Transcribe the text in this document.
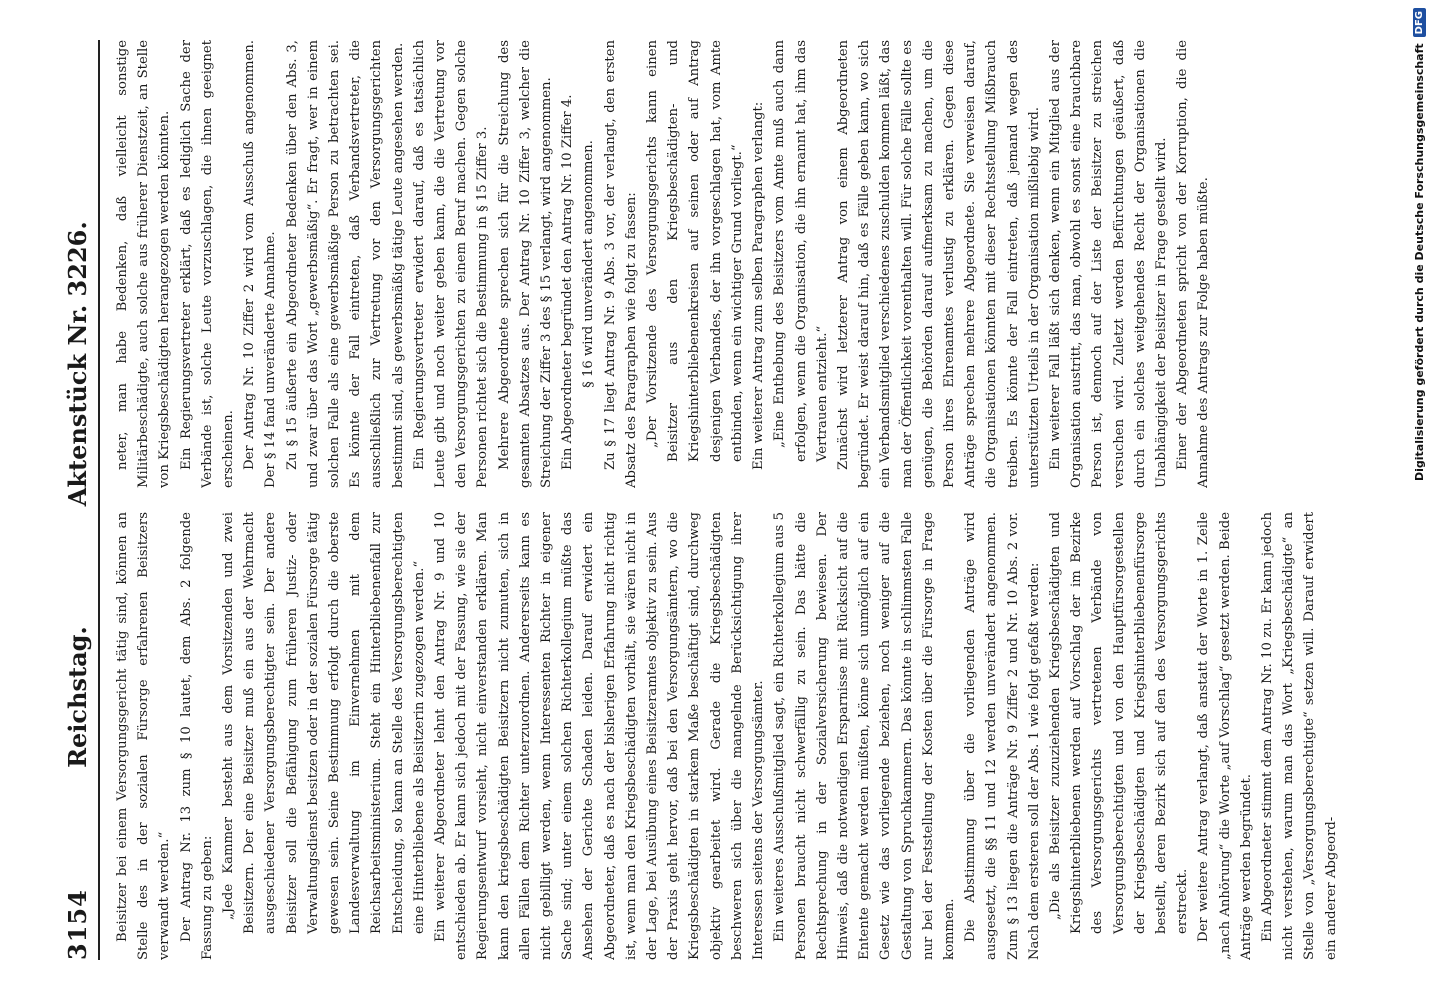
3154
Reichstag.
Aktenstück Nr. 3226.

Beisitzer bei einem Versorgungsgericht tätig sind, können an Stelle des in der sozialen Fürsorge erfahrenen Beisitzers verwandt werden.“ Der Antrag Nr. 13 zum § 10 lautet, dem Abs. 2 folgende Fassung zu geben: „Jede Kammer besteht aus dem Vorsitzenden und zwei Beisitzern. Der eine Beisitzer muß ein aus der Wehrmacht ausgeschiedener Versorgungsberechtigter sein. Der andere Beisitzer soll die Befähigung zum früheren Justiz- oder Verwaltungsdienst besitzen oder in der sozialen Fürsorge tätig gewesen sein. Seine Bestimmung erfolgt durch die oberste Landesverwaltung im Einvernehmen mit dem Reichsarbeitsministerium. Steht ein Hinterbliebenenfall zur Entscheidung, so kann an Stelle des Versorgungsberechtigten eine Hinterbliebene als Beisitzerin zugezogen werden.“ Ein weiterer Abgeordneter lehnt den Antrag Nr. 9 und 10 entschieden ab. Er kann sich jedoch mit der Fassung, wie sie der Regierungsentwurf vorsieht, nicht einverstanden erklären. Man kann den kriegsbeschädigten Beisitzern nicht zumuten, sich in allen Fällen dem Richter unterzuordnen. Andererseits kann es nicht gebilligt werden, wenn Interessenten Richter in eigener Sache sind; unter einem solchen Richterkollegium müßte das Ansehen der Gerichte Schaden leiden. Darauf erwidert ein Abgeordneter, daß es nach der bisherigen Erfahrung nicht richtig ist, wenn man den Kriegsbeschädigten vorhält, sie wären nicht in der Lage, bei Ausübung eines Beisitzeramtes objektiv zu sein. Aus der Praxis geht hervor, daß bei den Versorgungsämtern, wo die Kriegsbeschädigten in starkem Maße beschäftigt sind, durchweg objektiv gearbeitet wird. Gerade die Kriegsbeschädigten beschweren sich über die mangelnde Berücksichtigung ihrer Interessen seitens der Versorgungsämter. Ein weiteres Ausschußmitglied sagt, ein Richterkollegium aus 5 Personen braucht nicht schwerfällig zu sein. Das hätte die Rechtsprechung in der Sozialversicherung bewiesen. Der Hinweis, daß die notwendigen Ersparnisse mit Rücksicht auf die Entente gemacht werden müßten, könne sich unmöglich auf ein Gesetz wie das vorliegende beziehen, noch weniger auf die Gestaltung von Spruchkammern. Das könnte in schlimmsten Falle nur bei der Feststellung der Kosten über die Fürsorge in Frage kommen. Die Abstimmung über die vorliegenden Anträge wird ausgesetzt, die §§ 11 und 12 werden unverändert angenommen. Zum § 13 liegen die Anträge Nr. 9 Ziffer 2 und Nr. 10 Abs. 2 vor. Nach dem ersteren soll der Abs. 1 wie folgt gefaßt werden: „Die als Beisitzer zuzuziehenden Kriegsbeschädigten und Kriegshinterbliebenen werden auf Vorschlag der im Bezirke des Versorgungsgerichts vertretenen Verbände von Versorgungsberechtigten und von den Hauptfürsorgestellen der Kriegsbeschädigten und Kriegshinterbliebenenfürsorge bestellt, deren Bezirk sich auf den des Versorgungsgerichts erstreckt. Der weitere Antrag verlangt, daß anstatt der Worte in 1. Zeile „nach Anhörung“ die Worte „auf Vorschlag“ gesetzt werden. Beide Anträge werden begründet. Ein Abgeordneter stimmt dem Antrag Nr. 10 zu. Er kann jedoch nicht verstehen, warum man das Wort „Kriegsbeschädigte“ an Stelle von „Versorgungsberechtigte“ setzen will. Darauf erwidert ein anderer Abgeord-

neter, man habe Bedenken, daß vielleicht sonstige Militärbeschädigte, auch solche aus früherer Dienstzeit, an Stelle von Kriegsbeschädigten herangezogen werden könnten. Ein Regierungsvertreter erklärt, daß es lediglich Sache der Verbände ist, solche Leute vorzuschlagen, die ihnen geeignet erscheinen. Der Antrag Nr. 10 Ziffer 2 wird vom Ausschuß angenommen. Der § 14 fand unveränderte Annahme. Zu § 15 äußerte ein Abgeordneter Bedenken über den Abs. 3, und zwar über das Wort „gewerbsmäßig“. Er fragt, wer in einem solchen Falle als eine gewerbsmäßige Person zu betrachten sei. Es könnte der Fall eintreten, daß Verbandsvertreter, die ausschließlich zur Vertretung vor den Versorgungsgerichten bestimmt sind, als gewerbsmäßig tätige Leute angesehen werden. Ein Regierungsvertreter erwidert darauf, daß es tatsächlich Leute gibt und noch weiter geben kann, die die Vertretung vor den Versorgungsgerichten zu einem Beruf machen. Gegen solche Personen richtet sich die Bestimmung in § 15 Ziffer 3. Mehrere Abgeordnete sprechen sich für die Streichung des gesamten Absatzes aus. Der Antrag Nr. 10 Ziffer 3, welcher die Streichung der Ziffer 3 des § 15 verlangt, wird angenommen. Ein Abgeordneter begründet den Antrag Nr. 10 Ziffer 4. § 16 wird unverändert angenommen. Zu § 17 liegt Antrag Nr. 9 Abs. 3 vor, der verlangt, den ersten Absatz des Paragraphen wie folgt zu fassen: „Der Vorsitzende des Versorgungsgerichts kann einen Beisitzer aus den Kriegsbeschädigten- und Kriegshinterbliebenenkreisen auf seinen oder auf Antrag desjenigen Verbandes, der ihn vorgeschlagen hat, vom Amte entbinden, wenn ein wichtiger Grund vorliegt.“ Ein weiterer Antrag zum selben Paragraphen verlangt: „Eine Enthebung des Beisitzers vom Amte muß auch dann erfolgen, wenn die Organisation, die ihn ernannt hat, ihm das Vertrauen entzieht.“ Zunächst wird letzterer Antrag von einem Abgeordneten begründet. Er weist darauf hin, daß es Fälle geben kann, wo sich ein Verbandsmitglied verschiedenes zuschulden kommen läßt, das man der Öffentlichkeit vorenthalten will. Für solche Fälle sollte es genügen, die Behörden darauf aufmerksam zu machen, um die Person ihres Ehrenamtes verlustig zu erklären. Gegen diese Anträge sprechen mehrere Abgeordnete. Sie verweisen darauf, die Organisationen könnten mit dieser Rechtsstellung Mißbrauch treiben. Es könnte der Fall eintreten, daß jemand wegen des unterstützten Urteils in der Organisation mißliebig wird. Ein weiterer Fall läßt sich denken, wenn ein Mitglied aus der Organisation austritt, das man, obwohl es sonst eine brauchbare Person ist, dennoch auf der Liste der Beisitzer zu streichen versuchen wird. Zuletzt werden Befürchtungen geäußert, daß durch ein solches weitgehendes Recht der Organisationen die Unabhängigkeit der Beisitzer in Frage gestellt wird. Einer der Abgeordneten spricht von der Korruption, die die Annahme des Antrags zur Folge haben müßte.	Digitalisierung gefördert durch die Deutsche Forschungsgemeinschaft
DFG
